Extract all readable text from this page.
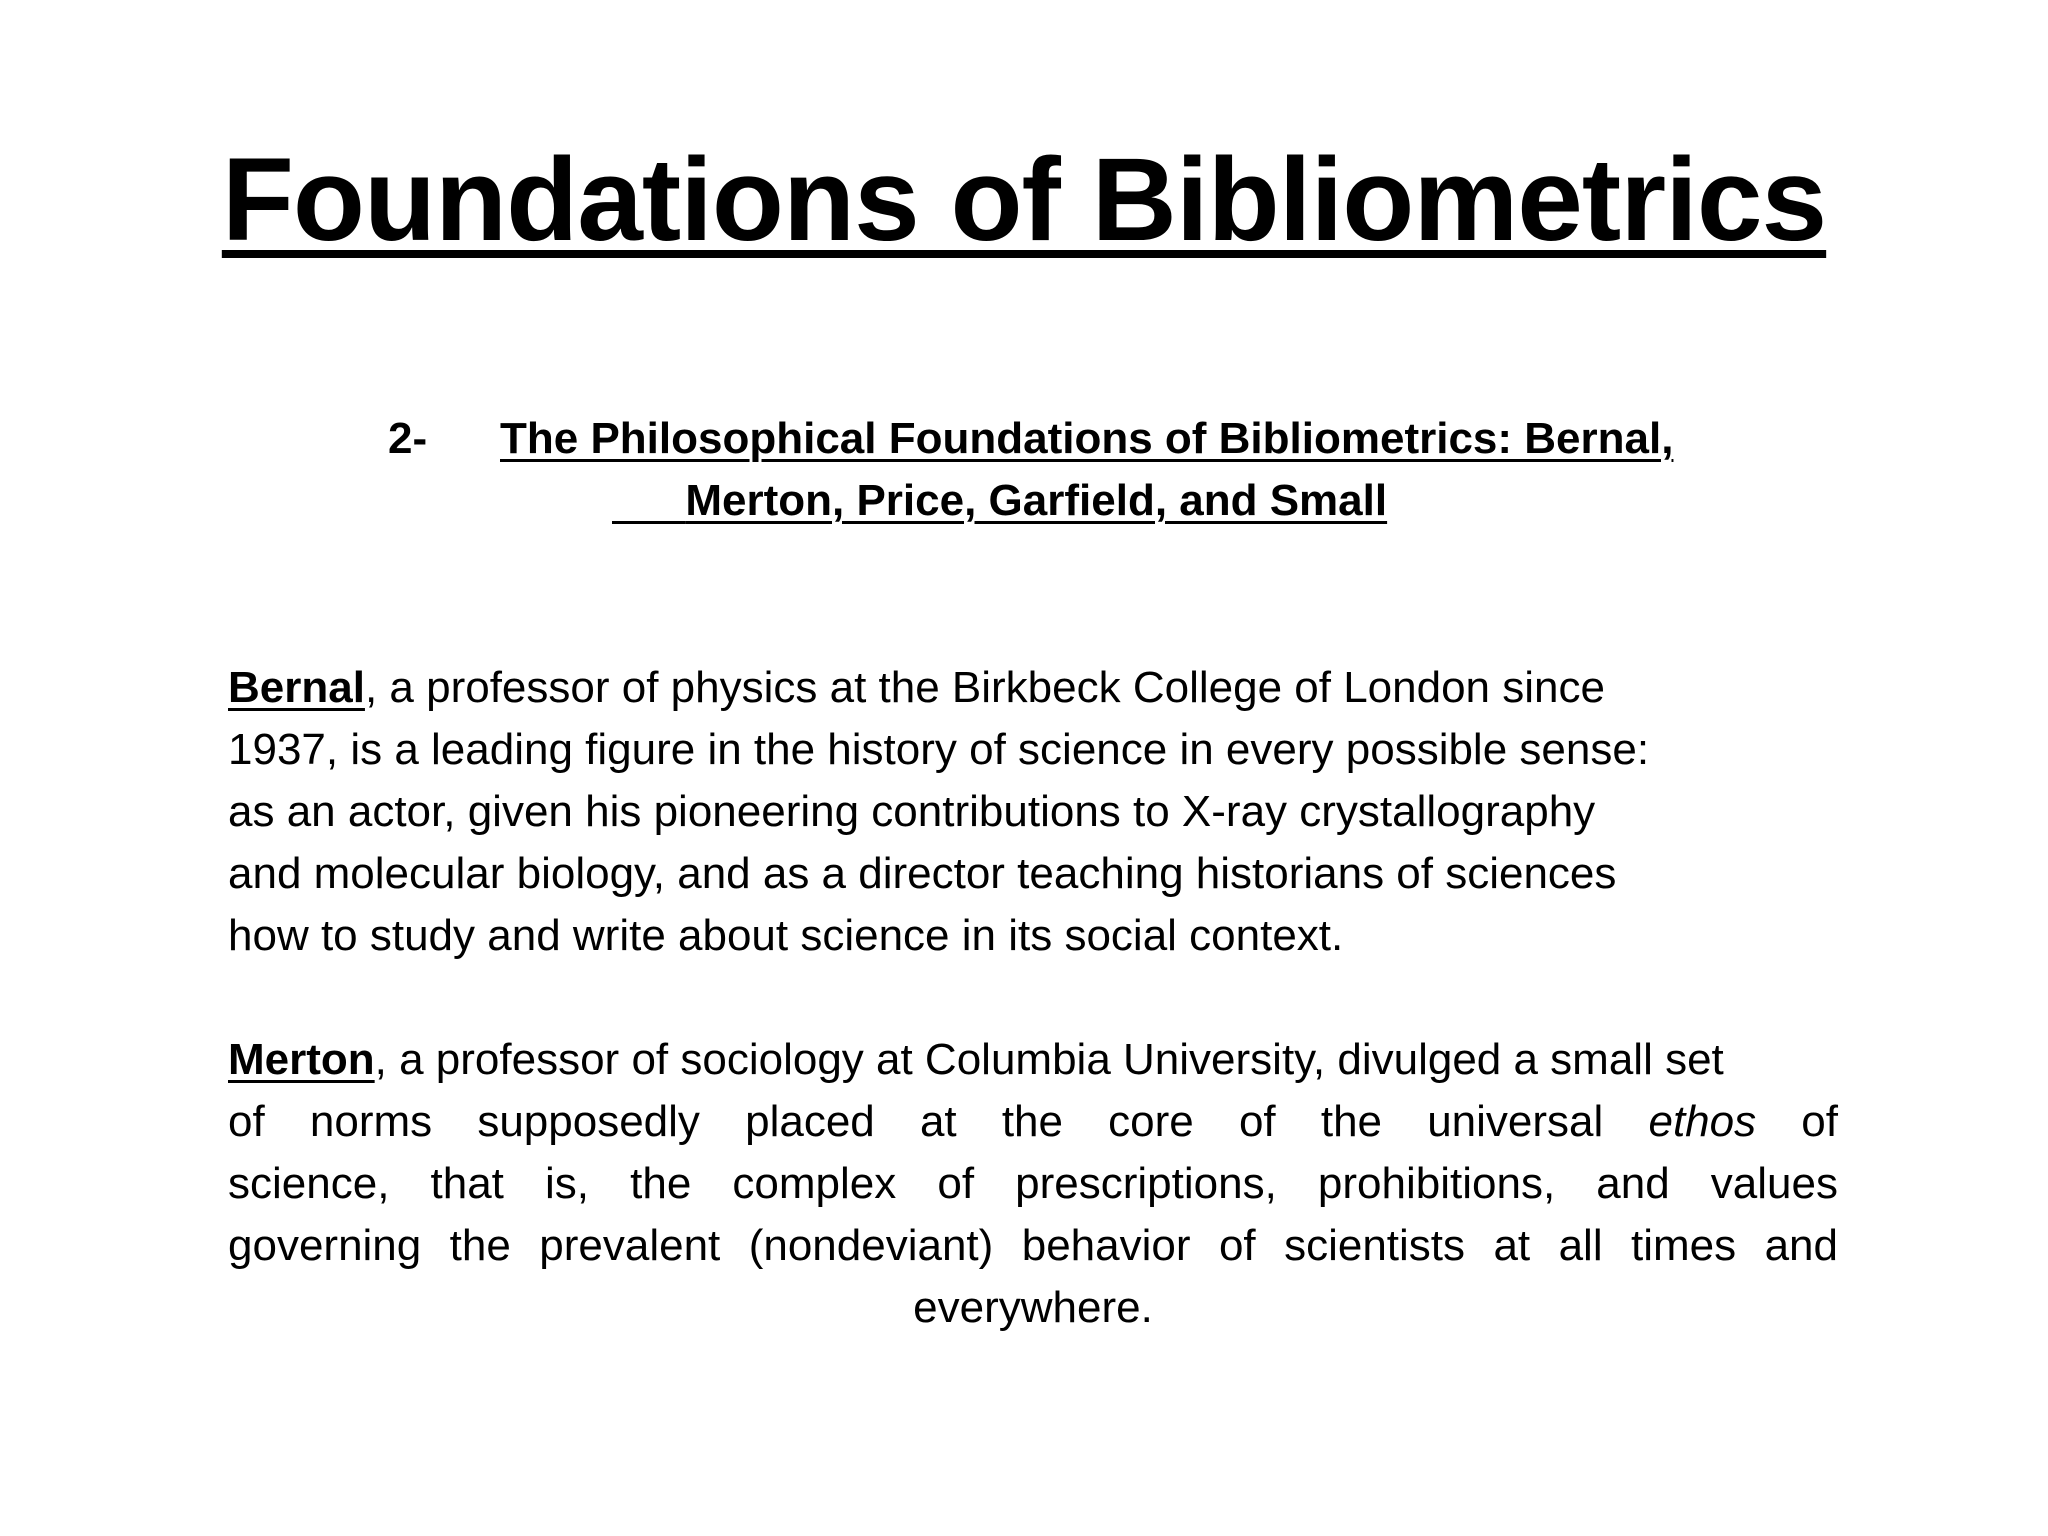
Foundations of Bibliometrics
2- The Philosophical Foundations of Bibliometrics: Bernal,
Merton, Price, Garfield, and Small
Bernal, a professor of physics at the Birkbeck College of London since
1937, is a leading figure in the history of science in every possible sense:
as an actor, given his pioneering contributions to X-ray crystallography
and molecular biology, and as a director teaching historians of sciences
how to study and write about science in its social context.
Merton, a professor of sociology at Columbia University, divulged a small set
of norms supposedly placed at the core of the universal ethos of
science, that is, the complex of prescriptions, prohibitions, and values
governing the prevalent (nondeviant) behavior of scientists at all times and
everywhere.
